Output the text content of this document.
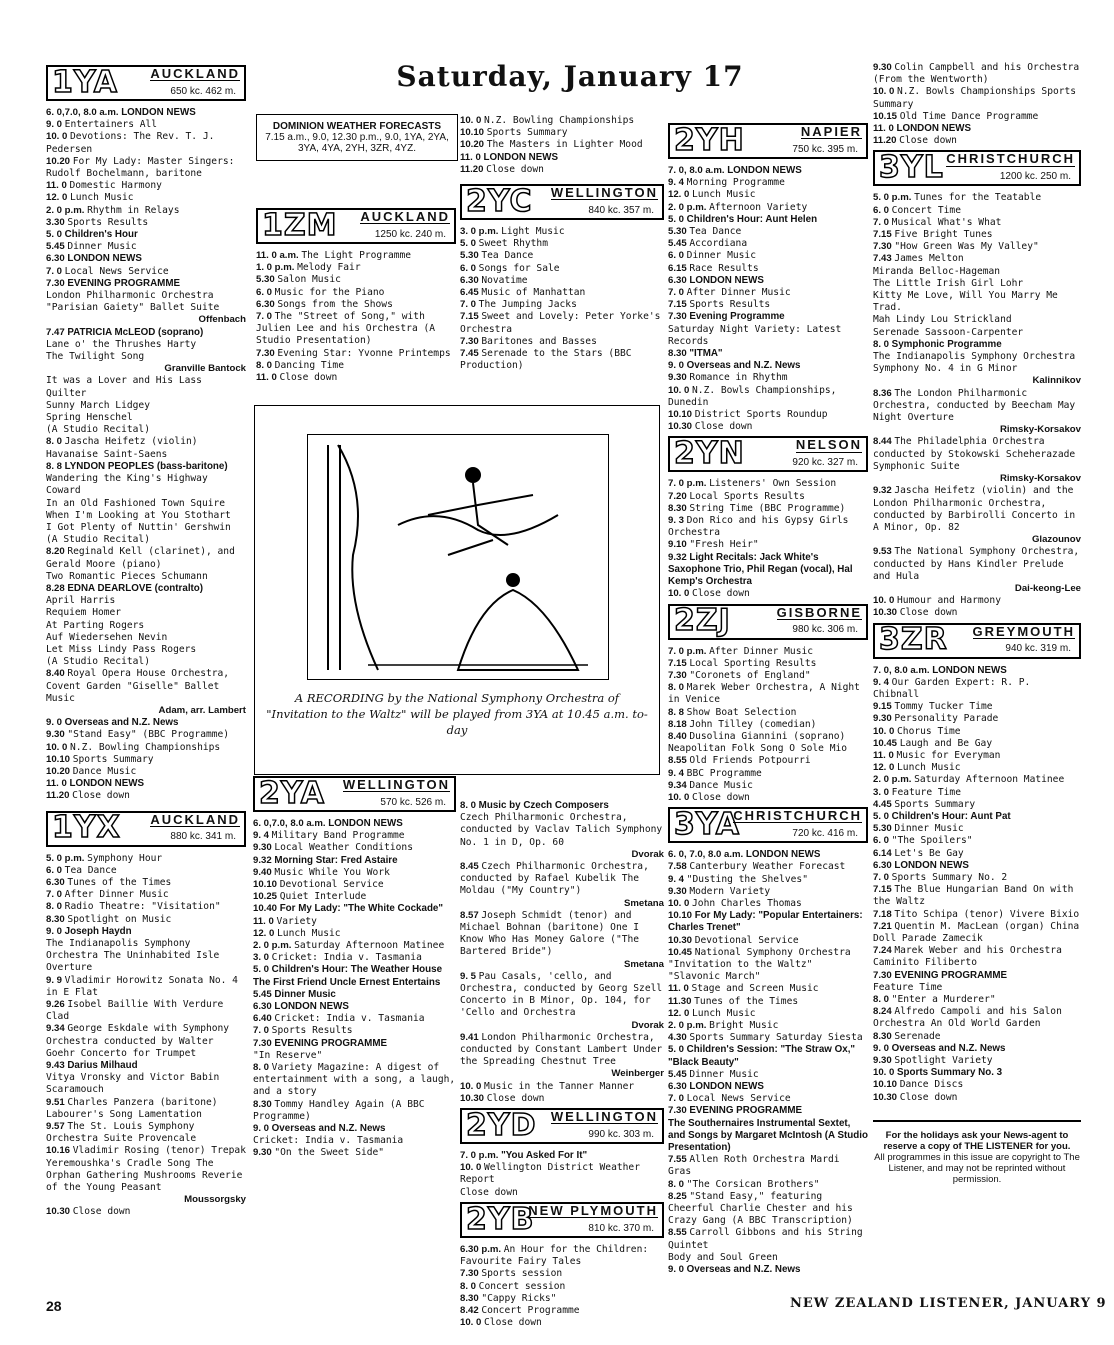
Saturday, January 17
1YA	AUCKLAND
650 kc. 462 m.
6. 0,7.0, 8.0 a.m. LONDON NEWS
9. 0 Entertainers All
10. 0 Devotions: The Rev. T. J. Pedersen
10.20 For My Lady: Master Singers: Rudolf Bochelmann, baritone
11. 0 Domestic Harmony
12. 0 Lunch Music
2. 0 p.m. Rhythm in Relays
3.30 Sports Results
5. 0 Children's Hour
5.45 Dinner Music
6.30 LONDON NEWS
7. 0 Local News Service
7.30 EVENING PROGRAMME
London Philharmonic Orchestra "Parisian Gaiety" Ballet Suite
Offenbach
7.47 PATRICIA McLEOD (soprano)
Lane o' the Thrushes Harty
The Twilight Song
Granville Bantock
It was a Lover and His Lass Quilter
Sunny March Lidgey
Spring Henschel
(A Studio Recital)
8. 0 Jascha Heifetz (violin)
Havanaise Saint-Saens
8. 8 LYNDON PEOPLES (bass-baritone)
Wandering the King's Highway Coward
In an Old Fashioned Town Squire
When I'm Looking at You Stothart
I Got Plenty of Nuttin' Gershwin
(A Studio Recital)
8.20 Reginald Kell (clarinet), and Gerald Moore (piano)
Two Romantic Pieces Schumann
8.28 EDNA DEARLOVE (contralto)
April Harris
Requiem Homer
At Parting Rogers
Auf Wiedersehen Nevin
Let Miss Lindy Pass Rogers
(A Studio Recital)
8.40 Royal Opera House Orchestra, Covent Garden "Giselle" Ballet Music
Adam, arr. Lambert
9. 0 Overseas and N.Z. News
9.30 "Stand Easy" (BBC Programme)
10. 0 N.Z. Bowling Championships
10.10 Sports Summary
10.20 Dance Music
11. 0 LONDON NEWS
11.20 Close down
1YX	AUCKLAND
880 kc. 341 m.
5. 0 p.m. Symphony Hour
6. 0 Tea Dance
6.30 Tunes of the Times
7. 0 After Dinner Music
8. 0 Radio Theatre: "Visitation"
8.30 Spotlight on Music
9. 0 Joseph Haydn
The Indianapolis Symphony Orchestra The Uninhabited Isle Overture
9. 9 Vladimir Horowitz Sonata No. 4 in E Flat
9.26 Isobel Baillie With Verdure Clad
9.34 George Eskdale with Symphony Orchestra conducted by Walter Goehr Concerto for Trumpet
9.43 Darius Milhaud
Vitya Vronsky and Victor Babin Scaramouch
9.51 Charles Panzera (baritone) Labourer's Song Lamentation
9.57 The St. Louis Symphony Orchestra Suite Provencale
10.16 Vladimir Rosing (tenor) Trepak Yeremoushka's Cradle Song The Orphan Gathering Mushrooms Reverie of the Young Peasant
Moussorgsky
10.30 Close down
DOMINION WEATHER FORECASTS
7.15 a.m., 9.0, 12.30 p.m., 9.0, 1YA, 2YA, 3YA, 4YA, 2YH, 3ZR, 4YZ.
1ZM	AUCKLAND
1250 kc. 240 m.
11. 0 a.m. The Light Programme
1. 0 p.m. Melody Fair
5.30 Salon Music
6. 0 Music for the Piano
6.30 Songs from the Shows
7. 0 The "Street of Song," with Julien Lee and his Orchestra (A Studio Presentation)
7.30 Evening Star: Yvonne Printemps
8. 0 Dancing Time
11. 0 Close down
A RECORDING by the National Symphony Orchestra of "Invitation to the Waltz" will be played from 3YA at 10.45 a.m. to-day
2YA	WELLINGTON
570 kc. 526 m.
6. 0,7.0, 8.0 a.m. LONDON NEWS
9. 4 Military Band Programme
9.30 Local Weather Conditions
9.32 Morning Star: Fred Astaire
9.40 Music While You Work
10.10 Devotional Service
10.25 Quiet Interlude
10.40 For My Lady: "The White Cockade"
11. 0 Variety
12. 0 Lunch Music
2. 0 p.m. Saturday Afternoon Matinee
3. 0 Cricket: India v. Tasmania
5. 0 Children's Hour: The Weather House The First Friend Uncle Ernest Entertains
5.45 Dinner Music
6.30 LONDON NEWS
6.40 Cricket: India v. Tasmania
7. 0 Sports Results
7.30 EVENING PROGRAMME
"In Reserve"
8. 0 Variety Magazine: A digest of entertainment with a song, a laugh, and a story
8.30 Tommy Handley Again (A BBC Programme)
9. 0 Overseas and N.Z. News
Cricket: India v. Tasmania
9.30 "On the Sweet Side"
10. 0 N.Z. Bowling Championships
10.10 Sports Summary
10.20 The Masters in Lighter Mood
11. 0 LONDON NEWS
11.20 Close down
2YC	WELLINGTON
840 kc. 357 m.
3. 0 p.m. Light Music
5. 0 Sweet Rhythm
5.30 Tea Dance
6. 0 Songs for Sale
6.30 Novatime
6.45 Music of Manhattan
7. 0 The Jumping Jacks
7.15 Sweet and Lovely: Peter Yorke's Orchestra
7.30 Baritones and Basses
7.45 Serenade to the Stars (BBC Production)
8. 0 Music by Czech Composers
Czech Philharmonic Orchestra, conducted by Vaclav Talich Symphony No. 1 in D, Op. 60
Dvorak
8.45 Czech Philharmonic Orchestra, conducted by Rafael Kubelik The Moldau ("My Country")
Smetana
8.57 Joseph Schmidt (tenor) and Michael Bohnan (baritone) One I Know Who Has Money Galore ("The Bartered Bride")
Smetana
9. 5 Pau Casals, 'cello, and Orchestra, conducted by Georg Szell Concerto in B Minor, Op. 104, for 'Cello and Orchestra
Dvorak
9.41 London Philharmonic Orchestra, conducted by Constant Lambert Under the Spreading Chestnut Tree
Weinberger
10. 0 Music in the Tanner Manner
10.30 Close down
2YD	WELLINGTON
990 kc. 303 m.
7. 0 p.m. "You Asked For It"
10. 0 Wellington District Weather Report
Close down
2YB
NEW PLYMOUTH
810 kc. 370 m.
6.30 p.m. An Hour for the Children: Favourite Fairy Tales
7.30 Sports session
8. 0 Concert session
8.30 "Cappy Ricks"
8.42 Concert Programme
10. 0 Close down
2YH	NAPIER
750 kc. 395 m.
7. 0, 8.0 a.m. LONDON NEWS
9. 4 Morning Programme
12. 0 Lunch Music
2. 0 p.m. Afternoon Variety
5. 0 Children's Hour: Aunt Helen
5.30 Tea Dance
5.45 Accordiana
6. 0 Dinner Music
6.15 Race Results
6.30 LONDON NEWS
7. 0 After Dinner Music
7.15 Sports Results
7.30 Evening Programme
Saturday Night Variety: Latest Records
8.30 "ITMA"
9. 0 Overseas and N.Z. News
9.30 Romance in Rhythm
10. 0 N.Z. Bowls Championships, Dunedin
10.10 District Sports Roundup
10.30 Close down
2YN	NELSON
920 kc. 327 m.
7. 0 p.m. Listeners' Own Session
7.20 Local Sports Results
8.30 String Time (BBC Programme)
9. 3 Don Rico and his Gypsy Girls Orchestra
9.10 "Fresh Heir"
9.32 Light Recitals: Jack White's Saxophone Trio, Phil Regan (vocal), Hal Kemp's Orchestra
10. 0 Close down
2ZJ	GISBORNE
980 kc. 306 m.
7. 0 p.m. After Dinner Music
7.15 Local Sporting Results
7.30 "Coronets of England"
8. 0 Marek Weber Orchestra, A Night in Venice
8. 8 Show Boat Selection
8.18 John Tilley (comedian)
8.40 Dusolina Giannini (soprano) Neapolitan Folk Song O Sole Mio
8.55 Old Friends Potpourri
9. 4 BBC Programme
9.34 Dance Music
10. 0 Close down
3YA
CHRISTCHURCH
720 kc. 416 m.
6. 0, 7.0, 8.0 a.m. LONDON NEWS
7.58 Canterbury Weather Forecast
9. 4 "Dusting the Shelves"
9.30 Modern Variety
10. 0 John Charles Thomas
10.10 For My Lady: "Popular Entertainers: Charles Trenet"
10.30 Devotional Service
10.45 National Symphony Orchestra "Invitation to the Waltz" "Slavonic March"
11. 0 Stage and Screen Music
11.30 Tunes of the Times
12. 0 Lunch Music
2. 0 p.m. Bright Music
4.30 Sports Summary Saturday Siesta
5. 0 Children's Session: "The Straw Ox," "Black Beauty"
5.45 Dinner Music
6.30 LONDON NEWS
7. 0 Local News Service
7.30 EVENING PROGRAMME
The Southernaires Instrumental Sextet, and Songs by Margaret McIntosh (A Studio Presentation)
7.55 Allen Roth Orchestra Mardi Gras
8. 0 "The Corsican Brothers"
8.25 "Stand Easy," featuring Cheerful Charlie Chester and his Crazy Gang (A BBC Transcription)
8.55 Carroll Gibbons and his String Quintet
Body and Soul Green
9. 0 Overseas and N.Z. News
9.30 Colin Campbell and his Orchestra (From the Wentworth)
10. 0 N.Z. Bowls Championships Sports Summary
10.15 Old Time Dance Programme
11. 0 LONDON NEWS
11.20 Close down
3YL CHRISTCHURCH
1200 kc. 250 m.
5. 0 p.m. Tunes for the Teatable
6. 0 Concert Time
7. 0 Musical What's What
7.15 Five Bright Tunes
7.30 "How Green Was My Valley"
7.43 James Melton
Miranda Belloc-Hageman
The Little Irish Girl Lohr
Kitty Me Love, Will You Marry Me Trad.
Mah Lindy Lou Strickland
Serenade Sassoon-Carpenter
8. 0 Symphonic Programme
The Indianapolis Symphony Orchestra Symphony No. 4 in G Minor
Kalinnikov
8.36 The London Philharmonic Orchestra, conducted by Beecham May Night Overture
Rimsky-Korsakov
8.44 The Philadelphia Orchestra conducted by Stokowski Scheherazade Symphonic Suite
Rimsky-Korsakov
9.32 Jascha Heifetz (violin) and the London Philharmonic Orchestra, conducted by Barbirolli Concerto in A Minor, Op. 82
Glazounov
9.53 The National Symphony Orchestra, conducted by Hans Kindler Prelude and Hula
Dai-keong-Lee
10. 0 Humour and Harmony
10.30 Close down
3ZR	GREYMOUTH
940 kc. 319 m.
7. 0, 8.0 a.m. LONDON NEWS
9. 4 Our Garden Expert: R. P. Chibnall
9.15 Tommy Tucker Time
9.30 Personality Parade
10. 0 Chorus Time
10.45 Laugh and Be Gay
11. 0 Music for Everyman
12. 0 Lunch Music
2. 0 p.m. Saturday Afternoon Matinee
3. 0 Feature Time
4.45 Sports Summary
5. 0 Children's Hour: Aunt Pat
5.30 Dinner Music
6. 0 "The Spoilers"
6.14 Let's Be Gay
6.30 LONDON NEWS
7. 0 Sports Summary No. 2
7.15 The Blue Hungarian Band On with the Waltz
7.18 Tito Schipa (tenor) Vivere Bixio
7.21 Quentin M. MacLean (organ) China Doll Parade Zamecik
7.24 Marek Weber and his Orchestra Caminito Filiberto
7.30 EVENING PROGRAMME
Feature Time
8. 0 "Enter a Murderer"
8.24 Alfredo Campoli and his Salon Orchestra An Old World Garden
8.30 Serenade
9. 0 Overseas and N.Z. News
9.30 Spotlight Variety
10. 0 Sports Summary No. 3
10.10 Dance Discs
10.30 Close down
For the holidays ask your News-agent to reserve a copy of THE LISTENER for you.
All programmes in this issue are copyright to The Listener, and may not be reprinted without permission.
28	NEW ZEALAND LISTENER, JANUARY 9
